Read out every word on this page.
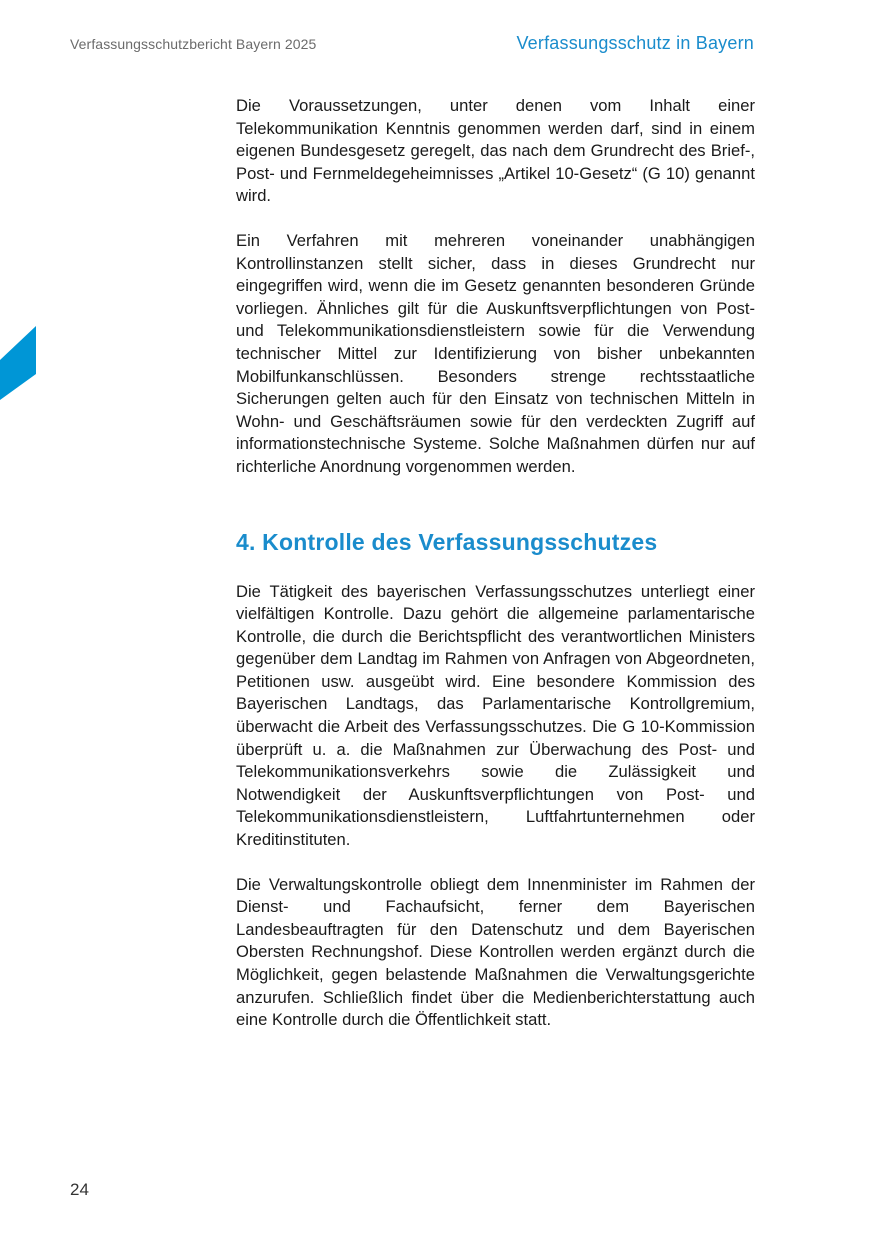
Verfassungsschutzbericht Bayern 2025	Verfassungsschutz in Bayern

Die Voraussetzungen, unter denen vom Inhalt einer Telekommunikation Kenntnis genommen werden darf, sind in einem eigenen Bundesgesetz geregelt, das nach dem Grundrecht des Brief-, Post- und Fernmeldegeheimnisses „Artikel 10-Gesetz“ (G 10) genannt wird.

Ein Verfahren mit mehreren voneinander unabhängigen Kontrollinstanzen stellt sicher, dass in dieses Grundrecht nur eingegriffen wird, wenn die im Gesetz genannten besonderen Gründe vorliegen. Ähnliches gilt für die Auskunftsverpflichtungen von Post- und Telekommunikationsdienstleistern sowie für die Verwendung technischer Mittel zur Identifizierung von bisher unbekannten Mobilfunkanschlüssen. Besonders strenge rechtsstaatliche Sicherungen gelten auch für den Einsatz von technischen Mitteln in Wohn- und Geschäftsräumen sowie für den verdeckten Zugriff auf informationstechnische Systeme. Solche Maßnahmen dürfen nur auf richterliche Anordnung vorgenommen werden.

4. Kontrolle des Verfassungsschutzes

Die Tätigkeit des bayerischen Verfassungsschutzes unterliegt einer vielfältigen Kontrolle. Dazu gehört die allgemeine parlamentarische Kontrolle, die durch die Berichtspflicht des verantwortlichen Ministers gegenüber dem Landtag im Rahmen von Anfragen von Abgeordneten, Petitionen usw. ausgeübt wird. Eine besondere Kommission des Bayerischen Landtags, das Parlamentarische Kontrollgremium, überwacht die Arbeit des Verfassungsschutzes. Die G 10-Kommission überprüft u. a. die Maßnahmen zur Überwachung des Post- und Telekommunikationsverkehrs sowie die Zulässigkeit und Notwendigkeit der Auskunftsverpflichtungen von Post- und Telekommunikationsdienstleistern, Luftfahrtunternehmen oder Kreditinstituten.

Die Verwaltungskontrolle obliegt dem Innenminister im Rahmen der Dienst- und Fachaufsicht, ferner dem Bayerischen Landesbeauftragten für den Datenschutz und dem Bayerischen Obersten Rechnungshof. Diese Kontrollen werden ergänzt durch die Möglichkeit, gegen belastende Maßnahmen die Verwaltungsgerichte anzurufen. Schließlich findet über die Medienberichterstattung auch eine Kontrolle durch die Öffentlichkeit statt.

24
